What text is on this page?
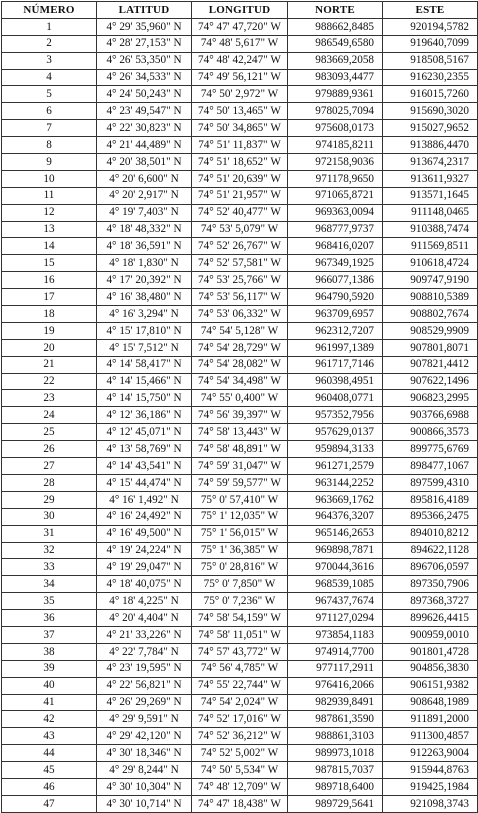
NÚMERO	LATITUD	LONGITUD	NORTE	ESTE
1	4° 29' 35,960" N	74° 47' 47,720" W	988662,8485	920194,5782
2	4° 28' 27,153" N	74° 48' 5,617" W	986549,6580	919640,7099
3	4° 26' 53,350" N	74° 48' 42,247" W	983669,2058	918508,5167
4	4° 26' 34,533" N	74° 49' 56,121" W	983093,4477	916230,2355
5	4° 24' 50,243" N	74° 50' 2,972" W	979889,9361	916015,7260
6	4° 23' 49,547" N	74° 50' 13,465" W	978025,7094	915690,3020
7	4° 22' 30,823" N	74° 50' 34,865" W	975608,0173	915027,9652
8	4° 21' 44,489" N	74° 51' 11,837" W	974185,8211	913886,4470
9	4° 20' 38,501" N	74° 51' 18,652" W	972158,9036	913674,2317
10	4° 20' 6,600" N	74° 51' 20,639" W	971178,9650	913611,9327
11	4° 20' 2,917" N	74° 51' 21,957" W	971065,8721	913571,1645
12	4° 19' 7,403" N	74° 52' 40,477" W	969363,0094	911148,0465
13	4° 18' 48,332" N	74° 53' 5,079" W	968777,9737	910388,7474
14	4° 18' 36,591" N	74° 52' 26,767" W	968416,0207	911569,8511
15	4° 18' 1,830" N	74° 52' 57,581" W	967349,1925	910618,4724
16	4° 17' 20,392" N	74° 53' 25,766" W	966077,1386	909747,9190
17	4° 16' 38,480" N	74° 53' 56,117" W	964790,5920	908810,5389
18	4° 16' 3,294" N	74° 53' 06,332" W	963709,6957	908802,7674
19	4° 15' 17,810" N	74° 54' 5,128" W	962312,7207	908529,9909
20	4° 15' 7,512" N	74° 54' 28,729" W	961997,1389	907801,8071
21	4° 14' 58,417" N	74° 54' 28,082" W	961717,7146	907821,4412
22	4° 14' 15,466" N	74° 54' 34,498" W	960398,4951	907622,1496
23	4° 14' 15,750" N	74° 55' 0,400" W	960408,0771	906823,2995
24	4° 12' 36,186" N	74° 56' 39,397" W	957352,7956	903766,6988
25	4° 12' 45,071" N	74° 58' 13,443" W	957629,0137	900866,3573
26	4° 13' 58,769" N	74° 58' 48,891" W	959894,3133	899775,6769
27	4° 14' 43,541" N	74° 59' 31,047" W	961271,2579	898477,1067
28	4° 15' 44,474" N	74° 59' 59,577" W	963144,2252	897599,4310
29	4° 16' 1,492" N	75° 0' 57,410" W	963669,1762	895816,4189
30	4° 16' 24,492" N	75° 1' 12,035" W	964376,3207	895366,2475
31	4° 16' 49,500" N	75° 1' 56,015" W	965146,2653	894010,8212
32	4° 19' 24,224" N	75° 1' 36,385" W	969898,7871	894622,1128
33	4° 19' 29,047" N	75° 0' 28,816" W	970044,3616	896706,0597
34	4° 18' 40,075" N	75° 0' 7,850" W	968539,1085	897350,7906
35	4° 18' 4,225" N	75° 0' 7,236" W	967437,7674	897368,3727
36	4° 20' 4,404" N	74° 58' 54,159" W	971127,0294	899626,4415
37	4° 21' 33,226" N	74° 58' 11,051" W	973854,1183	900959,0010
38	4° 22' 7,784" N	74° 57' 43,772" W	974914,7700	901801,4728
39	4° 23' 19,595" N	74° 56' 4,785" W	977117,2911	904856,3830
40	4° 22' 56,821" N	74° 55' 22,744" W	976416,2066	906151,9382
41	4° 26' 29,269" N	74° 54' 2,024" W	982939,8491	908648,1989
42	4° 29' 9,591" N	74° 52' 17,016" W	987861,3590	911891,2000
43	4° 29' 42,120" N	74° 52' 36,212" W	988861,3103	911300,4857
44	4° 30' 18,346" N	74° 52' 5,002" W	989973,1018	912263,9004
45	4° 29' 8,244" N	74° 50' 5,534" W	987815,7037	915944,8763
46	4° 30' 10,304" N	74° 48' 12,709" W	989718,6400	919425,1984
47	4° 30' 10,714" N	74° 47' 18,438" W	989729,5641	921098,3743
